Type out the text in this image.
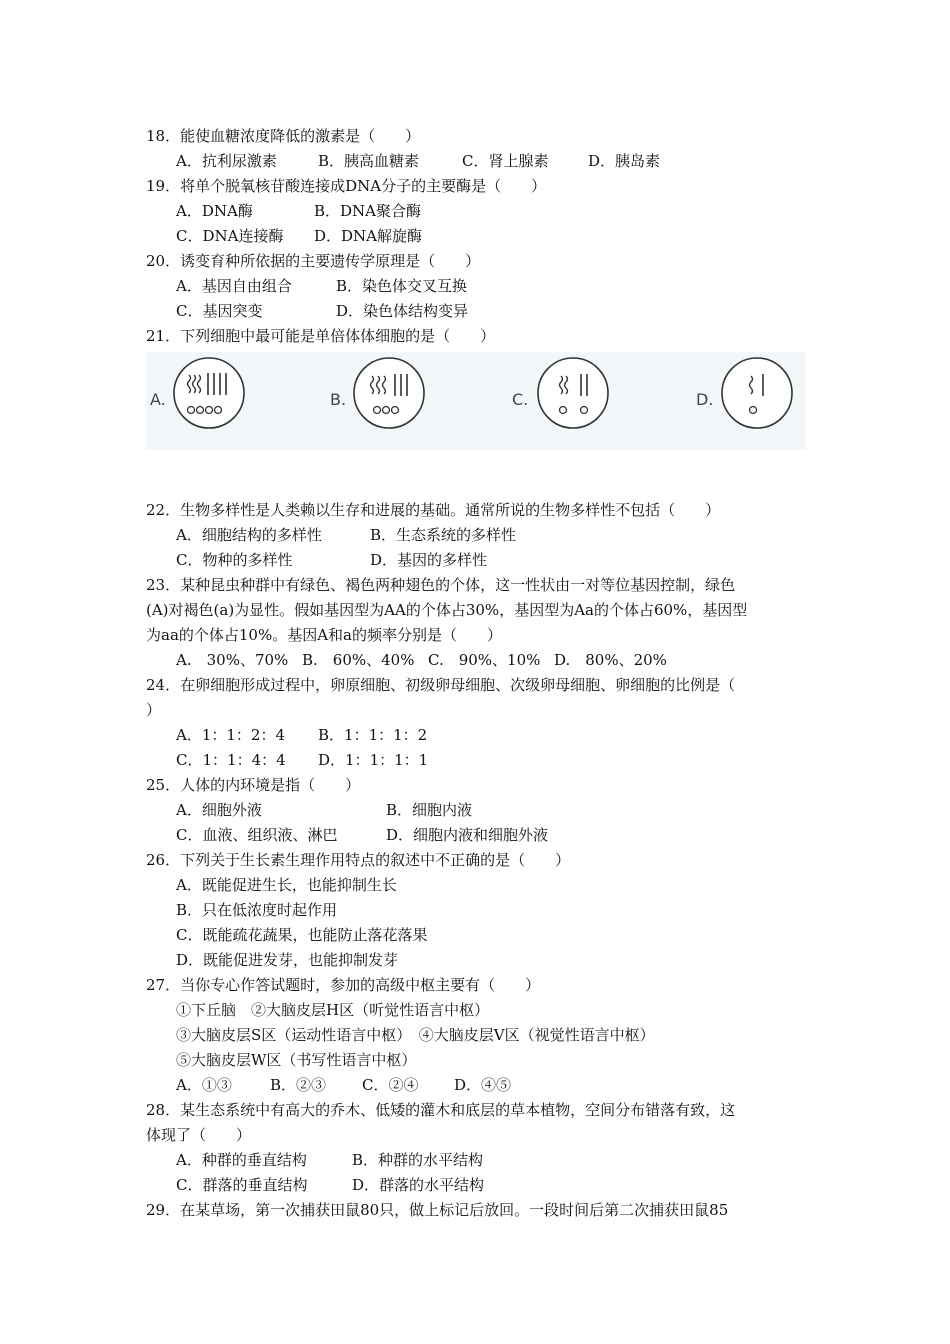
18．能使血糖浓度降低的激素是（　　）
A．抗利尿激素	B．胰高血糖素	C．肾上腺素	D．胰岛素
19．将单个脱氧核苷酸连接成DNA分子的主要酶是（　　）
A．DNA酶	B．DNA聚合酶
C．DNA连接酶 D．DNA解旋酶
20．诱变育种所依据的主要遗传学原理是（　　）
A．基因自由组合	B．染色体交叉互换
C．基因突变	D．染色体结构变异
21．下列细胞中最可能是单倍体体细胞的是（　　）
A.	B.	C.	D.
22．生物多样性是人类赖以生存和进展的基础。通常所说的生物多样性不包括（　　）
A．细胞结构的多样性	B．生态系统的多样性
C．物种的多样性	D．基因的多样性
23．某种昆虫种群中有绿色、褐色两种翅色的个体，这一性状由一对等位基因控制，绿色
(A)对褐色(a)为显性。假如基因型为AA的个体占30%，基因型为Aa的个体占60%，基因型
为aa的个体占10%。基因A和a的频率分别是（　　）
A.　30%、70% B.　60%、40% C.　90%、10% D.　80%、20%
24．在卵细胞形成过程中，卵原细胞、初级卵母细胞、次级卵母细胞、卵细胞的比例是（
）
A．1：1：2：4 B．1：1：1：2
C．1：1：4：4 D．1：1：1：1
25．人体的内环境是指（　　）
A．细胞外液	B．细胞内液
C．血液、组织液、淋巴	D．细胞内液和细胞外液
26．下列关于生长素生理作用特点的叙述中不正确的是（　　）
A．既能促进生长，也能抑制生长
B．只在低浓度时起作用
C．既能疏花蔬果，也能防止落花落果
D．既能促进发芽，也能抑制发芽
27．当你专心作答试题时，参加的高级中枢主要有（　　）
①下丘脑　②大脑皮层H区（听觉性语言中枢）
③大脑皮层S区（运动性语言中枢）　④大脑皮层V区（视觉性语言中枢）
⑤大脑皮层W区（书写性语言中枢）
A．①③	B．②③ C．②④ D．④⑤
28．某生态系统中有高大的乔木、低矮的灌木和底层的草本植物，空间分布错落有致，这
体现了（　　）
A．种群的垂直结构	B．种群的水平结构
C．群落的垂直结构	D．群落的水平结构
29．在某草场，第一次捕获田鼠80只，做上标记后放回。一段时间后第二次捕获田鼠85
